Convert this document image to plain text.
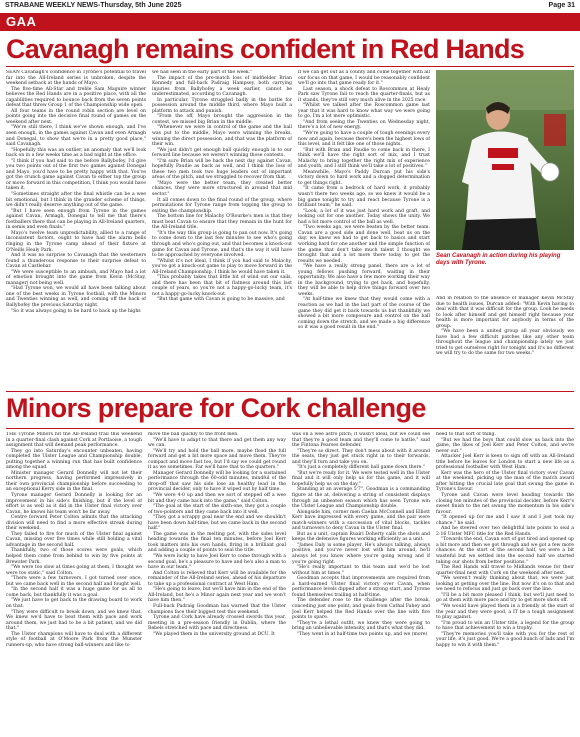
STRABANE WEEKLY NEWS-Thursday, 5th June 2025	Page 31
GAA
Cavanagh remains confident in Red Hands

SEAN Cavanagh's confidence in Tyrone's potential to travel far into the All-Ireland series is unbroken, despite the weekend setback at the hands of Mayo.

The five-time All-Star and treble Sam Maguire winner believes the Red Hands are in a positive place, with all the capabilities required to bounce back from the seven points defeat that threw Group 1 of the Championship wide open.

All four teams in the round robin section are level on points going into the decisive final round of games on the weekend after next.

"We're still there, I think we've shown enough, and I've seen enough, in the games against Cavan and even Armagh and Donegal, to show that we're in a pretty good place," said Cavanagh.

"Hopefully this was an outlier, an anomaly that we'll look back on in a few weeks time as a bad night at the office.

"I think if you had said to me before Ballybofey, I'd give you two points out of the first two games against Donegal and Mayo, you'd have to be pretty happy with that. You've got the crunch game against Cavan to either top the group or move forward in this competition, I think you would have taken it.

"Sometimes straight after the final whistle can be a wee bit emotional, but I think in the grander scheme of things, we didn't really deserve anything out of the game.

"But I have seen enough from Tyrone in the games against Cavan, Armagh, Donegal to tell me that there's footballers there that can be playing in All-Ireland quarters, in semis and even finals."

Mayo's twelve team unpredictability, allied to a range of inconsistent factors, ought to have had the alarm bells ringing in the Tyrone camp ahead of their fixture at O'Neills Healy Park.

And it was no surprise to Cavanagh that the westerners found a thunderous response to their surprise defeat to Cavan at Castlebar.

"We were susceptible to an ambush, and Mayo had a lot of emotion brought into the game from Kevin (McStay, manager) not being well.

"Had Tyrone won, we would all have been talking about one of the best weeks in Tyrone football, with the Minors and Twenties winning as well, and coming off the back of Ballybofey the previous Saturday night.

"So it was always going to be hard to back up the highs

we had seen in the early part of the week."

The impact of the pre-match loss of midfielder Brian Kennedy and full-back Padraig Hampsey, both carrying injuries from Ballybofey a week earlier, cannot be underestimated, according to Cavanagh.

In particular, Tyrone struggled badly in the battle for possession around the middle third, where Mayo built a platform to attack and punish.

"From the off, Mayo brought the aggression in the contest, we missed big Brian in the middle.

"Whenever we were in control of the game and the ball was put to the middle, Mayo were winning the breaks, winning the direct possession, and that was the platform of their win.

"We just didn't get enough ball quickly enough in to our forward line because we weren't winning those contests.

"I'm sure Brian will be back the next day against Cavan, hopefully Paudie as back as well, and I think the loss of these two men took two huge leaders out of important areas of the pitch, and we struggled to recover from that.

"Mayo were the better team, they created better chances, they were more structured in around that mid sector."

It all comes down to the final round of the group, where permutations for Tyrone range from topping the group to exiting the championship.

The bottom line for Malachy O'Rourke's men is that they must beat Cavan to ensure that they remain in the hunt for the All-Ireland title.

"It's the way this group is going to pan out now. It's going to come down to the last few minutes to see who's going through and who's going out, and that becomes a knock-out game for Cavan and Tyrone, and that's the way it will have to be approached by everyone involved.

"Whilst it's not ideal, I think if you had said to Malachy, you've got a knock-out game to play to move forward in the All-Ireland Championship, I think he would have taken it.

"This probably takes that little bit of wind out our sails, and there has been that bit of flatness around this last couple of years, so you're not a happy-go-lucky team, it's not a happy-go-lucky knock-out.

"But that game with Cavan is going to be massive, and

if we can get out as a county and come together with all our focus on that game, I would be reasonably confident we'll go into that game ready for it."

Last season, a shock defeat to Roscommon at Healy Park saw Tyrone fail to reach the quarter-finals, but as it stands, they're still very much alive in the 2025 race.

"Whilst we talked after the Roscommon game last year that it was hard to know what way we were going to go, I'm a lot more optimistic.

"And from seeing the Twenties on Wednesday night, there's a lot of new energy.

"We're going to have a couple of tough evenings every now and again, because there's been the highest lows of this level, and it felt like one of those nights.

"But with Brian and Paudie to come back in there, I think we'll have the right sort of mix, and I trust Malachy to bring together the right mix of experience and youth, and I still think we'll take a lot of positives."

Meanwhile, Mayo's Paddy Durcan put his side's victory down to hard work and a dogged determination to get things right.

"It came from a bedrock of hard work, it probably wasn't there two weeks ago, so we knew it would be a big game tonight to try and react because Tyrone is a brilliant team," he said.

"Look, a lot of it was just hard work and graft, and looking out for one another. Today shows the unity. We had a bit more control of the ball as well.

"Two weeks ago, we were beaten by the better team. Cavan are a good side and done well, beat us on the day, we knew we had to get back to basics and start working hard for one another and the simple function of the game that don't take much talent I thought we brought that and a lot more there today to get the results we needed.

"We have a really strong panel, there are a lot of young fellows pushing forward, waiting in their opportunity. We also have a few more working their way in the background, trying to get back, and hopefully, they will be able to help drive things forward over two weeks.

"At half-time we knew that they would come with a reaction as we had in the last part of the course of the game they did get it back towards us but thankfully we showed a bit more composure and control on the ball coming down the stretch, and we made a big difference so it was a good result in the end."

Sean Cavanagh in action during his playing days with Tyrone.

And in relation to the absence of manager Kevin McStay due to health issues, Durcan added: "With Kevin having to deal with that it was difficult for the group. Look he needs to look after himself and get himself right because your health is more important for anybody in terms of the group.

"We have been a united group all year obviously we have had a few difficult patches like any other team throughout the league and championship lately we just tried to get ourselves right for tonight and it's no different we will try to do the same for two weeks."

Minors prepare for Cork challenge

THE Tyrone Minors hit the All-Ireland trail this weekend in a quarter-final clash against Cork at Portlaoise, a tough assignment that will demand peak performance.

They go into Saturday's encounter unbeaten, having completed the Ulster League and Championship double, putting together a winning run that has built confidence among the squad.

Minister manager Gerard Donnelly will not let their northern progress, having performed impressively in their own provincial championship before succeeding to an exceptional Kerry side in the final.

Tyrone manager Gerard Donnelly is looking for an improvement in his side's finishing, but if the level of effort is as well as it did in the Ulster final victory over Cavan, he knows his team won't be far away.

Centre forward Peter Colton admits that the attacking division will need to find a more effective streak during their weekend.

They failed to fire for much of the Ulster final against Cavan, missing over five times while still holding a vital advantage in the second half.

Thankfully, two of those scores were goals, which helped them come from behind to win by five points at Brewster Park.

"We were too slow at times going at them, I thought we were too static," said Colton.

"There were a few turnovers, I got turned over once, but we came back well in the second half and fought well.

"In the second half it was a huge game for us all to come back, but thankfully it was a goal.

"We just have to get back to the drawing board to work on that.

"They were difficult to break down, and we knew that. We knew we'd have to beat them with pace and work around them, we just had to be a bit patient, and we did that."

The Ulster champions will have to deal with a different style of football at O'Moore Park from the Munster runners-up, who have strong ball-winners and like to

move the ball quickly to the front men.

"We'll have to adapt to that there and get them any way we can.

"We'll try and hold the ball more, maybe flood the full forward and get a bit more space and move them. They're compact and move fast too, but I'd say we could get round it as we sometimes. Far we'll have that to the quarters."

Manager Gerard Donnelly will be looking for a sustained performance through the 60-odd minutes, mindful of the drop-off that saw his side lose an healthy lead in the provincial decider, only to have it wiped out by half time.

"We were 4-0 up and then we sort of stepped off a wee bit and they came back into the game," said Colton.

"The goal at the start of the sixth-one, they got a couple of two-pointers and they came back into it well.

"They got a scrappy goal near the end and we shouldn't have been down half-time, but we came back in the second half."

The game was in the melting pot, with the sides level heading towards the final ten minutes, before Joel Kerr took matters into his own hands, firing in a brilliant goal and adding a couple of points to seal the title.

"We were lucky to have Joel Kerr to come through with a second goal, he's a pleasure to have and he's also a man to have in our team."

And Colton is relieved that Kerr will be available for the remainder of the All-Ireland series, ahead of his departure to take up a professional contract at West Ham.

"He's going to leave, but we'll have him in the end of the All-Ireland, but he's a Minor again next year and we won't have him then."

Full-back Padraig Goodman has warned that the Ulster champions face their biggest test this weekend.

Tyrone and Cork have already crossed swords this year, meeting in a pre-season friendly in Dublin, where the Rebels stretched with pace and directness.

"We played them in the university ground at DCU. It

was on a wee astro pitch; it wasn't ideal, but we could see that they're a good team and they'll come to battle," said the Fintona Pearses defender.

"They're so direct. They don't mess about with it around the seats, they just get stuck right in to their forwards, and they'll turn and take you on.

"It's just a completely different ball game down there."

"But we're ready for it. We were tested well in the Ulster final and it will only help us for this game, and it will hopefully help us on the day."

Standing at an average 5'7", Goodman is a commanding figure at the at, delivering a string of consistent displays through an unbeaten season which has seen Tyrone win the Ulster League and Championship double.

Alongside him, corner men Caelan McConnell and Elliott Kerr have impressed with every game, and the pair were match-winners with a succession of vital blocks, tackles and turnovers to deny Cavan in the Ulster final.

But as a unit, captain Ruairi Doherty calls the shots and keeps the defensive figures working efficiently as a unit.

"James Daly is some player. He's always talking, always positive, and you've never lost with him around, he'll always let you know where you're going wrong and if you're going right.

"He's really important to this team and we'd be lost without him at times."

Goodman accepts that improvements are required from a hard-earned Ulster final victory over Cavan, when performance levels dipped after a strong start, and Tyrone found themselves trailing at half-time.

The defender rose to the challenge after the break, conceding just one point, and goals from Cathal Fahey and Joel Kerr helped the Red Hands over the line with five points to spare.

"They're a lethal outfit, we knew they were going to bring an unbelievable intensity, and that's what they did.

"They went in at half-time two points up, and we (more)

need to that sort of thing.

"But we had the boys that could slow us back into the game, the likes of Joel Kerr and Peter Colton, and we're never out."

Attacker Joel Kerr is keen to sign off with an All-Ireland title before he leaves for London to start a new life as a professional footballer with West Ham.

Kerr was the hero of the Ulster final victory over Cavan at the weekend, picking up the man of the match award after hitting the crucial late goal that swung the game in Tyrone's favour.

Tyrone and Cavan were level heading towards the closing ten minutes of the provincial decider, before Kerr's sweet finish to the net swung the momentum in his side's favour.

"It opened up for me and I saw it and I just took my chance," he said.

And he steered over two delightful late points to seal a 2-16 Ulster MFC title for the Red Hands.

"Towards the end, Cavan sort of got tired and opened up a bit more and then we got through and we got a few more chances. At the start of the second half, we were a bit wasteful but we settled into the second half we started taking our shots from better positions."

The Red Hands will travel to Midlands venue for their quarter-final next with Cork on the weekend after next.

"We weren't really thinking about that, we were just looking at getting over the line. But now it's on to that and we need to refocus and just go back over the line.

"I'll be a bit more pleased I think, but we'll just need to go at them with more pace and try to get more shots off.

"We would have played them in a friendly at the start of the year and they were good, a IT be a tough assignment to play against.

"I'm proud to win an Ulster title, a legend for the group to have that achievement to win a trophy.

"They're memories you'll take with you for the rest of your life, it's just good. We're a good bunch of lads and I'm happy to win it with them."
